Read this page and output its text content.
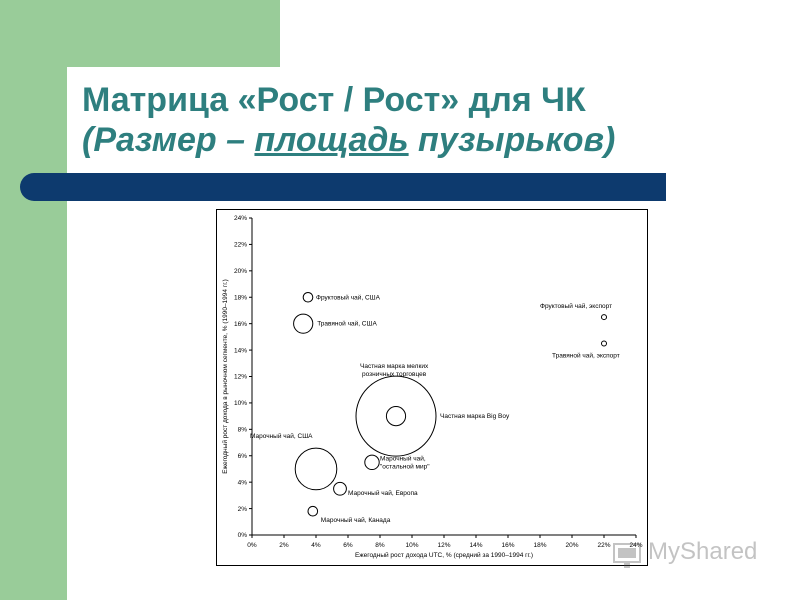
Матрица «Рост / Рост» для ЧК
(Размер – площадь пузырьков)
0%	2%	4%	6%	8%	10%	12%	14%	16%	18%	20%	22%	24%
0%
2%
4%
6%
8%
10%
12%
14%
16%
18%
20%
22%
24%
Фруктовый чай, США
Травяной чай, США
Фруктовый чай, экспорт
Травяной чай, экспорт
Частная марка мелких розничных торговцев
Частная марка Big Boy
Марочный чай, США
Марочный чай, "остальной мир"
Марочный чай, Европа
Марочный чай, Канада
Ежегодный рост дохода UTC, % (средний за 1990–1994 гг.)
Ежегодный рост дохода в рыночном сегменте, % (1990–1994 гг.)
MyShared
